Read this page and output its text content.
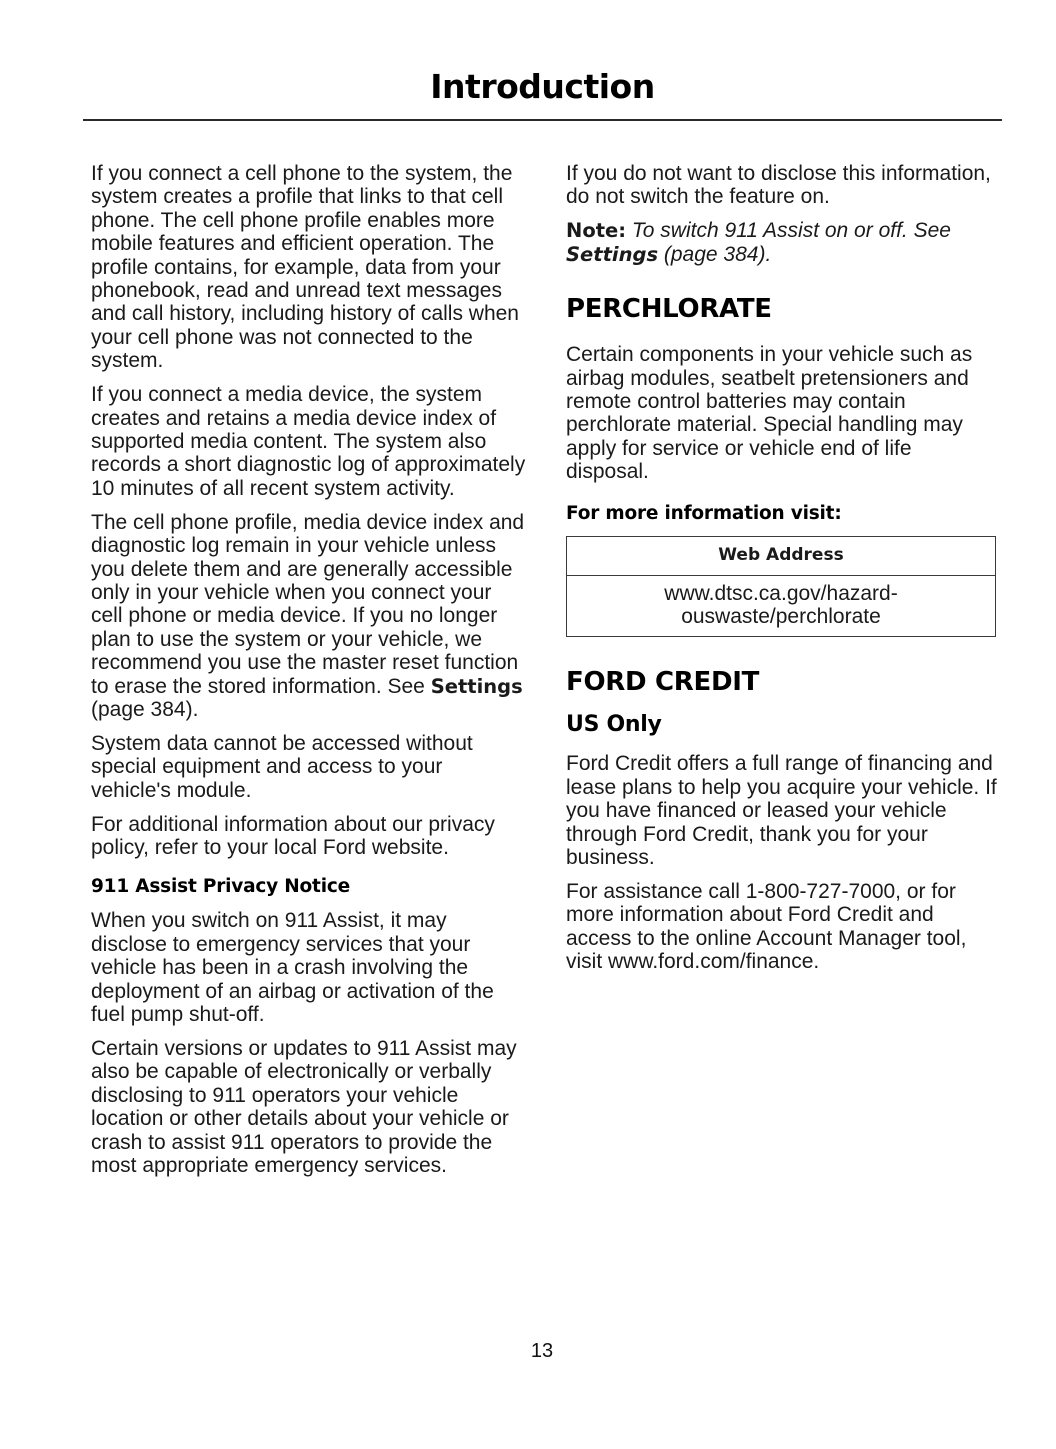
Introduction

If you connect a cell phone to the system, the system creates a profile that links to that cell phone. The cell phone profile enables more mobile features and efficient operation. The profile contains, for example, data from your phonebook, read and unread text messages and call history, including history of calls when your cell phone was not connected to the system.

If you connect a media device, the system creates and retains a media device index of supported media content. The system also records a short diagnostic log of approximately 10 minutes of all recent system activity.

The cell phone profile, media device index and diagnostic log remain in your vehicle unless you delete them and are generally accessible only in your vehicle when you connect your cell phone or media device. If you no longer plan to use the system or your vehicle, we recommend you use the master reset function to erase the stored information. See Settings (page 384).

System data cannot be accessed without special equipment and access to your vehicle's module.

For additional information about our privacy policy, refer to your local Ford website.

911 Assist Privacy Notice

When you switch on 911 Assist, it may disclose to emergency services that your vehicle has been in a crash involving the deployment of an airbag or activation of the fuel pump shut-off.

Certain versions or updates to 911 Assist may also be capable of electronically or verbally disclosing to 911 operators your vehicle location or other details about your vehicle or crash to assist 911 operators to provide the most appropriate emergency services.

If you do not want to disclose this information, do not switch the feature on.

Note: To switch 911 Assist on or off. See Settings (page 384).

PERCHLORATE

Certain components in your vehicle such as airbag modules, seatbelt pretensioners and remote control batteries may contain perchlorate material. Special handling may apply for service or vehicle end of life disposal.

For more information visit:
Web Address
www.dtsc.ca.gov/hazard-ouswaste/perchlorate
FORD CREDIT
US Only

Ford Credit offers a full range of financing and lease plans to help you acquire your vehicle. If you have financed or leased your vehicle through Ford Credit, thank you for your business.

For assistance call 1-800-727-7000, or for more information about Ford Credit and access to the online Account Manager tool, visit www.ford.com/finance.

13
